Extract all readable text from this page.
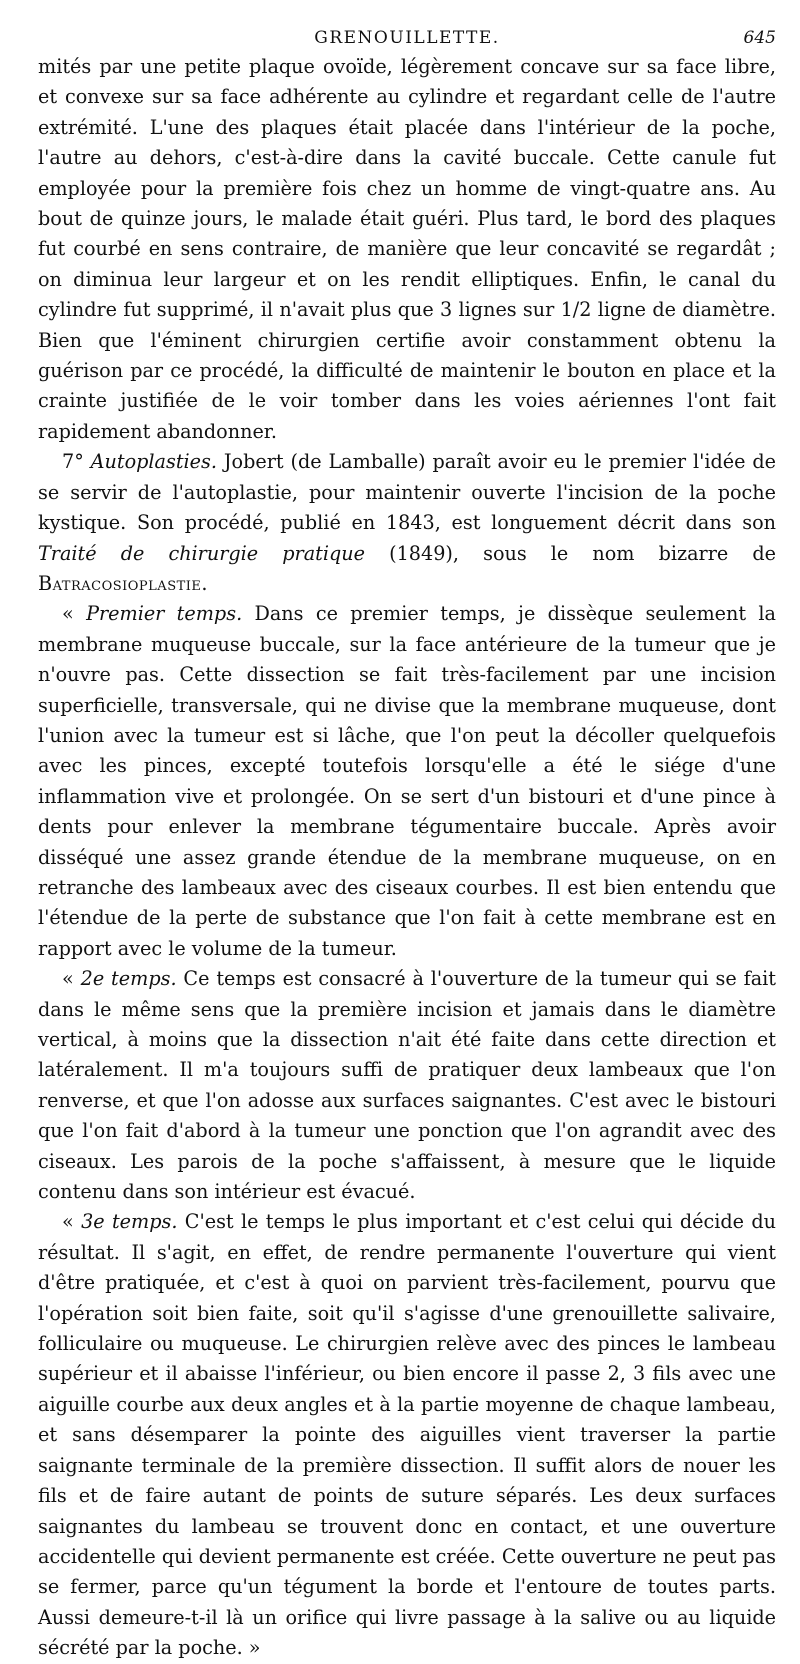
GRENOUILLETTE.	645

mités par une petite plaque ovoïde, légèrement concave sur sa face libre, et convexe sur sa face adhérente au cylindre et regardant celle de l'autre extrémité. L'une des plaques était placée dans l'intérieur de la poche, l'autre au dehors, c'est-à-dire dans la cavité buccale. Cette canule fut employée pour la première fois chez un homme de vingt-quatre ans. Au bout de quinze jours, le malade était guéri. Plus tard, le bord des plaques fut courbé en sens contraire, de manière que leur concavité se regardât ; on diminua leur largeur et on les rendit elliptiques. Enfin, le canal du cylindre fut supprimé, il n'avait plus que 3 lignes sur 1/2 ligne de diamètre. Bien que l'éminent chirurgien certifie avoir constamment obtenu la guérison par ce procédé, la difficulté de maintenir le bouton en place et la crainte justifiée de le voir tomber dans les voies aériennes l'ont fait rapidement abandonner.

7° Autoplasties. Jobert (de Lamballe) paraît avoir eu le premier l'idée de se servir de l'autoplastie, pour maintenir ouverte l'incision de la poche kystique. Son procédé, publié en 1843, est longuement décrit dans son Traité de chirurgie pratique (1849), sous le nom bizarre de Batracosioplastie.

« Premier temps. Dans ce premier temps, je dissèque seulement la membrane muqueuse buccale, sur la face antérieure de la tumeur que je n'ouvre pas. Cette dissection se fait très-facilement par une incision superficielle, transversale, qui ne divise que la membrane muqueuse, dont l'union avec la tumeur est si lâche, que l'on peut la décoller quelquefois avec les pinces, excepté toutefois lorsqu'elle a été le siége d'une inflammation vive et prolongée. On se sert d'un bistouri et d'une pince à dents pour enlever la membrane tégumentaire buccale. Après avoir disséqué une assez grande étendue de la membrane muqueuse, on en retranche des lambeaux avec des ciseaux courbes. Il est bien entendu que l'étendue de la perte de substance que l'on fait à cette membrane est en rapport avec le volume de la tumeur.

« 2e temps. Ce temps est consacré à l'ouverture de la tumeur qui se fait dans le même sens que la première incision et jamais dans le diamètre vertical, à moins que la dissection n'ait été faite dans cette direction et latéralement. Il m'a toujours suffi de pratiquer deux lambeaux que l'on renverse, et que l'on adosse aux surfaces saignantes. C'est avec le bistouri que l'on fait d'abord à la tumeur une ponction que l'on agrandit avec des ciseaux. Les parois de la poche s'affaissent, à mesure que le liquide contenu dans son intérieur est évacué.

« 3e temps. C'est le temps le plus important et c'est celui qui décide du résultat. Il s'agit, en effet, de rendre permanente l'ouverture qui vient d'être pratiquée, et c'est à quoi on parvient très-facilement, pourvu que l'opération soit bien faite, soit qu'il s'agisse d'une grenouillette salivaire, folliculaire ou muqueuse. Le chirurgien relève avec des pinces le lambeau supérieur et il abaisse l'inférieur, ou bien encore il passe 2, 3 fils avec une aiguille courbe aux deux angles et à la partie moyenne de chaque lambeau, et sans désemparer la pointe des aiguilles vient traverser la partie saignante terminale de la première dissection. Il suffit alors de nouer les fils et de faire autant de points de suture séparés. Les deux surfaces saignantes du lambeau se trouvent donc en contact, et une ouverture accidentelle qui devient permanente est créée. Cette ouverture ne peut pas se fermer, parce qu'un tégument la borde et l'entoure de toutes parts. Aussi demeure-t-il là un orifice qui livre passage à la salive ou au liquide sécrété par la poche. »
